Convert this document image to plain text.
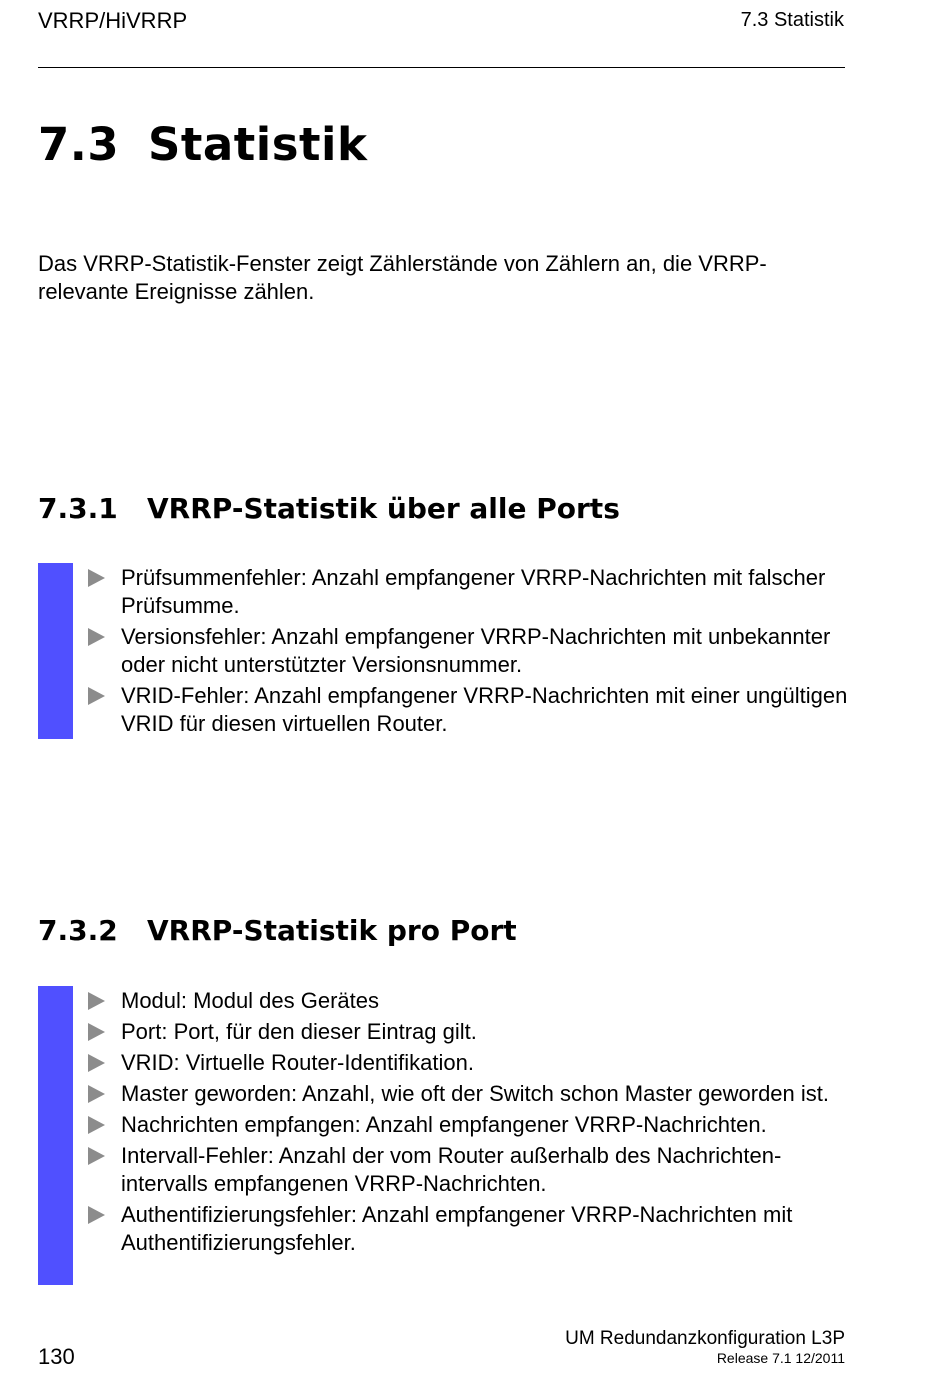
VRRP/HiVRRP	7.3 Statistik
7.3 Statistik
Das VRRP-Statistik-Fenster zeigt Zählerstände von Zählern an, die VRRP-relevante Ereignisse zählen.
7.3.1 VRRP-Statistik über alle Ports
Prüfsummenfehler: Anzahl empfangener VRRP-Nachrichten mit falscher Prüfsumme.
Versionsfehler: Anzahl empfangener VRRP-Nachrichten mit unbekannter oder nicht unterstützter Versionsnummer.
VRID-Fehler: Anzahl empfangener VRRP-Nachrichten mit einer ungültigen VRID für diesen virtuellen Router.
7.3.2 VRRP-Statistik pro Port
Modul: Modul des Gerätes
Port: Port, für den dieser Eintrag gilt.
VRID: Virtuelle Router-Identifikation.
Master geworden: Anzahl, wie oft der Switch schon Master geworden ist.
Nachrichten empfangen: Anzahl empfangener VRRP-Nachrichten.
Intervall-Fehler: Anzahl der vom Router außerhalb des Nachrichten-intervalls empfangenen VRRP-Nachrichten.
Authentifizierungsfehler: Anzahl empfangener VRRP-Nachrichten mit Authentifizierungsfehler.
130
UM Redundanzkonfiguration L3P
Release 7.1 12/2011
